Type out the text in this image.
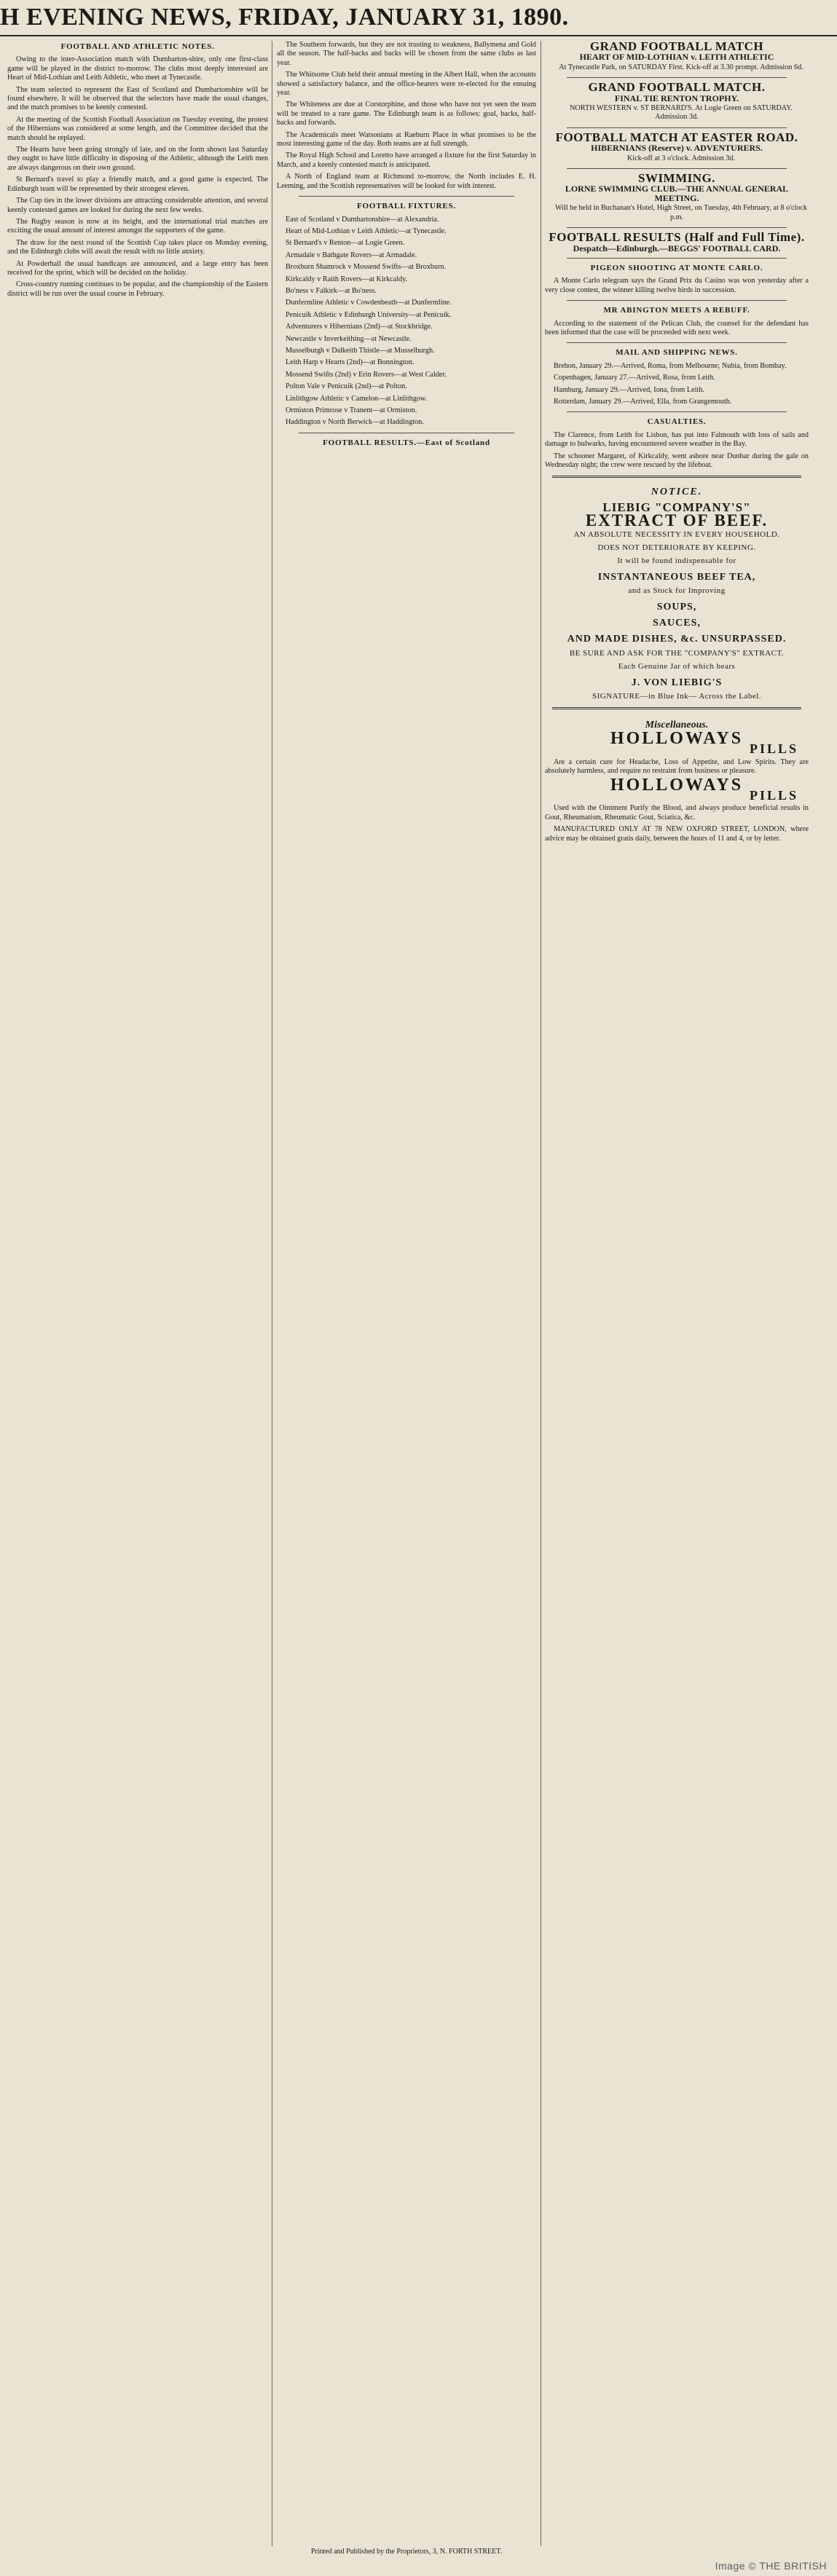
H EVENING NEWS, FRIDAY, JANUARY 31, 1890.
FOOTBALL AND ATHLETIC NOTES.

Owing to the inter-Association match with Dumbarton-shire, only one first-class game will be played in the district to-morrow. The clubs most deeply interested are Heart of Mid-Lothian and Leith Athletic, who meet at Tynecastle.

The team selected to represent the East of Scotland and Dumbartonshire will be found elsewhere. It will be observed that the selectors have made the usual changes, and the match promises to be keenly contested.

At the meeting of the Scottish Football Association on Tuesday evening, the protest of the Hibernians was considered at some length, and the Committee decided that the match should be replayed.

The Hearts have been going strongly of late, and on the form shown last Saturday they ought to have little difficulty in disposing of the Athletic, although the Leith men are always dangerous on their own ground.

St Bernard's travel to play a friendly match, and a good game is expected. The Edinburgh team will be represented by their strongest eleven.

The Cup ties in the lower divisions are attracting considerable attention, and several keenly contested games are looked for during the next few weeks.

The Rugby season is now at its height, and the international trial matches are exciting the usual amount of interest amongst the supporters of the game.

The draw for the next round of the Scottish Cup takes place on Monday evening, and the Edinburgh clubs will await the result with no little anxiety.

At Powderhall the usual handicaps are announced, and a large entry has been received for the sprint, which will be decided on the holiday.

Cross-country running continues to be popular, and the championship of the Eastern district will be run over the usual course in February.

The Southern forwards, but they are not trusting to weakness, Ballymena and Gold all the season. The half-backs and backs will be chosen from the same clubs as last year.

The Whitsome Club held their annual meeting in the Albert Hall, when the accounts showed a satisfactory balance, and the office-bearers were re-elected for the ensuing year.

The Whiteness are due at Corstorphine, and those who have not yet seen the team will be treated to a rare game. The Edinburgh team is as follows: goal, backs, half-backs and forwards.

The Academicals meet Watsonians at Raeburn Place in what promises to be the most interesting game of the day. Both teams are at full strength.

The Royal High School and Loretto have arranged a fixture for the first Saturday in March, and a keenly contested match is anticipated.

A North of England team at Richmond to-morrow, the North includes E. H. Leeming, and the Scottish representatives will be looked for with interest.

FOOTBALL FIXTURES.

East of Scotland v Dumbartonshire—at Alexandria.

Heart of Mid-Lothian v Leith Athletic—at Tynecastle.

St Bernard's v Renton—at Logie Green.

Armadale v Bathgate Rovers—at Armadale.

Broxburn Shamrock v Mossend Swifts—at Broxburn.

Kirkcaldy v Raith Rovers—at Kirkcaldy.

Bo'ness v Falkirk—at Bo'ness.

Dunfermline Athletic v Cowdenbeath—at Dunfermline.

Penicuik Athletic v Edinburgh University—at Penicuik.

Adventurers v Hibernians (2nd)—at Stockbridge.

Newcastle v Inverkeithing—at Newcastle.

Musselburgh v Dalkeith Thistle—at Musselburgh.

Leith Harp v Hearts (2nd)—at Bonnington.

Mossend Swifts (2nd) v Erin Rovers—at West Calder.

Polton Vale v Penicuik (2nd)—at Polton.

Linlithgow Athletic v Camelon—at Linlithgow.

Ormiston Primrose v Tranent—at Ormiston.

Haddington v North Berwick—at Haddington.

FOOTBALL RESULTS.—East of Scotland

GRAND FOOTBALL MATCH

HEART OF MID-LOTHIAN v. LEITH ATHLETIC

At Tynecastle Park, on SATURDAY First. Kick-off at 3.30 prompt. Admission 6d.

GRAND FOOTBALL MATCH.

FINAL TIE RENTON TROPHY.

NORTH WESTERN v. ST BERNARD'S. At Logie Green on SATURDAY. Admission 3d.

FOOTBALL MATCH AT EASTER ROAD.

HIBERNIANS (Reserve) v. ADVENTURERS.

Kick-off at 3 o'clock. Admission 3d.

SWIMMING.

LORNE SWIMMING CLUB.—THE ANNUAL GENERAL MEETING.

Will be held in Buchanan's Hotel, High Street, on Tuesday, 4th February, at 8 o'clock p.m.

FOOTBALL RESULTS (Half and Full Time).

Despatch—Edinburgh.—BEGGS' FOOTBALL CARD.

PIGEON SHOOTING AT MONTE CARLO.

A Monte Carlo telegram says the Grand Prix du Casino was won yesterday after a very close contest, the winner killing twelve birds in succession.

MR ABINGTON MEETS A REBUFF.

According to the statement of the Pelican Club, the counsel for the defendant has been informed that the case will be proceeded with next week.

MAIL AND SHIPPING NEWS.

Brehon, January 29.—Arrived, Roma, from Melbourne; Nubia, from Bombay.

Copenhagen, January 27.—Arrived, Rosa, from Leith.

Hamburg, January 29.—Arrived, Iona, from Leith.

Rotterdam, January 29.—Arrived, Ella, from Grangemouth.

CASUALTIES.

The Clarence, from Leith for Lisbon, has put into Falmouth with loss of sails and damage to bulwarks, having encountered severe weather in the Bay.

The schooner Margaret, of Kirkcaldy, went ashore near Dunbar during the gale on Wednesday night; the crew were rescued by the lifeboat.

NOTICE.
LIEBIG "COMPANY'S"
EXTRACT OF BEEF.
AN ABSOLUTE NECESSITY IN EVERY HOUSEHOLD.
DOES NOT DETERIORATE BY KEEPING.
It will be found indispensable for
INSTANTANEOUS BEEF TEA,
and as Stock for Improving
SOUPS,
SAUCES,
AND MADE DISHES, &c. UNSURPASSED.
BE SURE AND ASK FOR THE "COMPANY'S" EXTRACT.
Each Genuine Jar of which bears
J. VON LIEBIG'S
SIGNATURE—in Blue Ink— Across the Label.
Miscellaneous.
HOLLOWAYS
PILLS

Are a certain cure for Headache, Loss of Appetite, and Low Spirits. They are absolutely harmless, and require no restraint from business or pleasure.

HOLLOWAYS
PILLS

Used with the Ointment Purify the Blood, and always produce beneficial results in Gout, Rheumatism, Rheumatic Gout, Sciatica, &c.

MANUFACTURED ONLY AT 78 NEW OXFORD STREET, LONDON, where advice may be obtained gratis daily, between the hours of 11 and 4, or by letter.

Printed and Published by the Proprietors, 3, N. FORTH STREET.
Image © THE BRITISH
